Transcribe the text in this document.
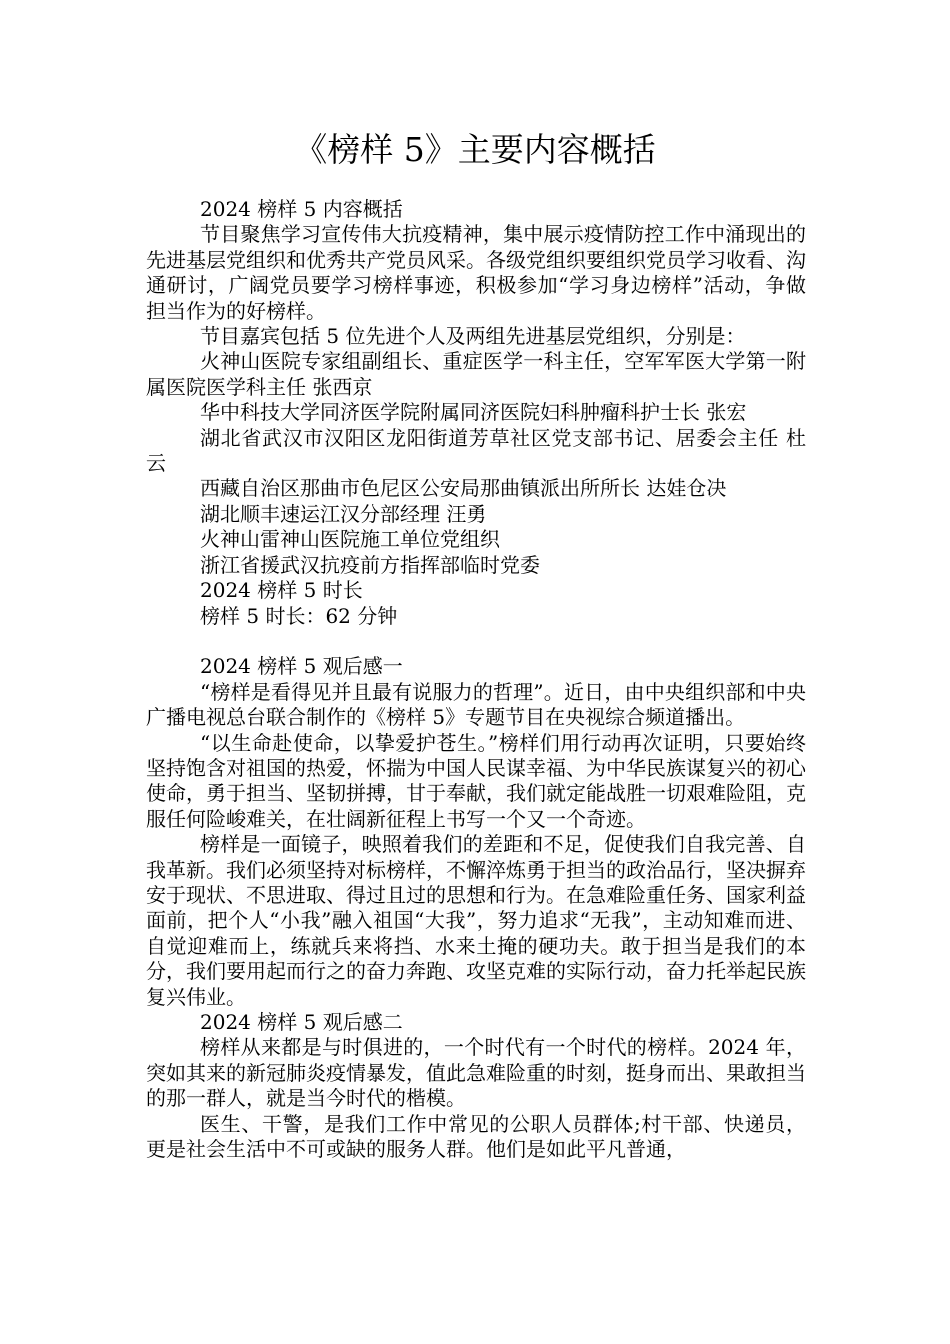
《榜样 5》主要内容概括

2024 榜样 5 内容概括

节目聚焦学习宣传伟大抗疫精神，集中展示疫情防控工作中涌现出的先进基层党组织和优秀共产党员风采。各级党组织要组织党员学习收看、沟通研讨，广阔党员要学习榜样事迹，积极参加“学习身边榜样”活动，争做担当作为的好榜样。

节目嘉宾包括 5 位先进个人及两组先进基层党组织，分别是：

火神山医院专家组副组长、重症医学一科主任，空军军医大学第一附属医院医学科主任 张西京

华中科技大学同济医学院附属同济医院妇科肿瘤科护士长 张宏

湖北省武汉市汉阳区龙阳街道芳草社区党支部书记、居委会主任 杜云

西藏自治区那曲市色尼区公安局那曲镇派出所所长 达娃仓决

湖北顺丰速运江汉分部经理 汪勇

火神山雷神山医院施工单位党组织

浙江省援武汉抗疫前方指挥部临时党委

2024 榜样 5 时长

榜样 5 时长：62 分钟

2024 榜样 5 观后感一

“榜样是看得见并且最有说服力的哲理”。近日，由中央组织部和中央广播电视总台联合制作的《榜样 5》专题节目在央视综合频道播出。

“以生命赴使命，以挚爱护苍生。”榜样们用行动再次证明，只要始终坚持饱含对祖国的热爱，怀揣为中国人民谋幸福、为中华民族谋复兴的初心使命，勇于担当、坚韧拼搏，甘于奉献，我们就定能战胜一切艰难险阻，克服任何险峻难关，在壮阔新征程上书写一个又一个奇迹。

榜样是一面镜子，映照着我们的差距和不足，促使我们自我完善、自我革新。我们必须坚持对标榜样，不懈淬炼勇于担当的政治品行，坚决摒弃安于现状、不思进取、得过且过的思想和行为。在急难险重任务、国家利益面前，把个人“小我”融入祖国“大我”，努力追求“无我”，主动知难而进、自觉迎难而上，练就兵来将挡、水来土掩的硬功夫。敢于担当是我们的本分，我们要用起而行之的奋力奔跑、攻坚克难的实际行动，奋力托举起民族复兴伟业。

2024 榜样 5 观后感二

榜样从来都是与时俱进的，一个时代有一个时代的榜样。2024 年，突如其来的新冠肺炎疫情暴发，值此急难险重的时刻，挺身而出、果敢担当的那一群人，就是当今时代的楷模。

医生、干警，是我们工作中常见的公职人员群体;村干部、快递员，更是社会生活中不可或缺的服务人群。他们是如此平凡普通，
